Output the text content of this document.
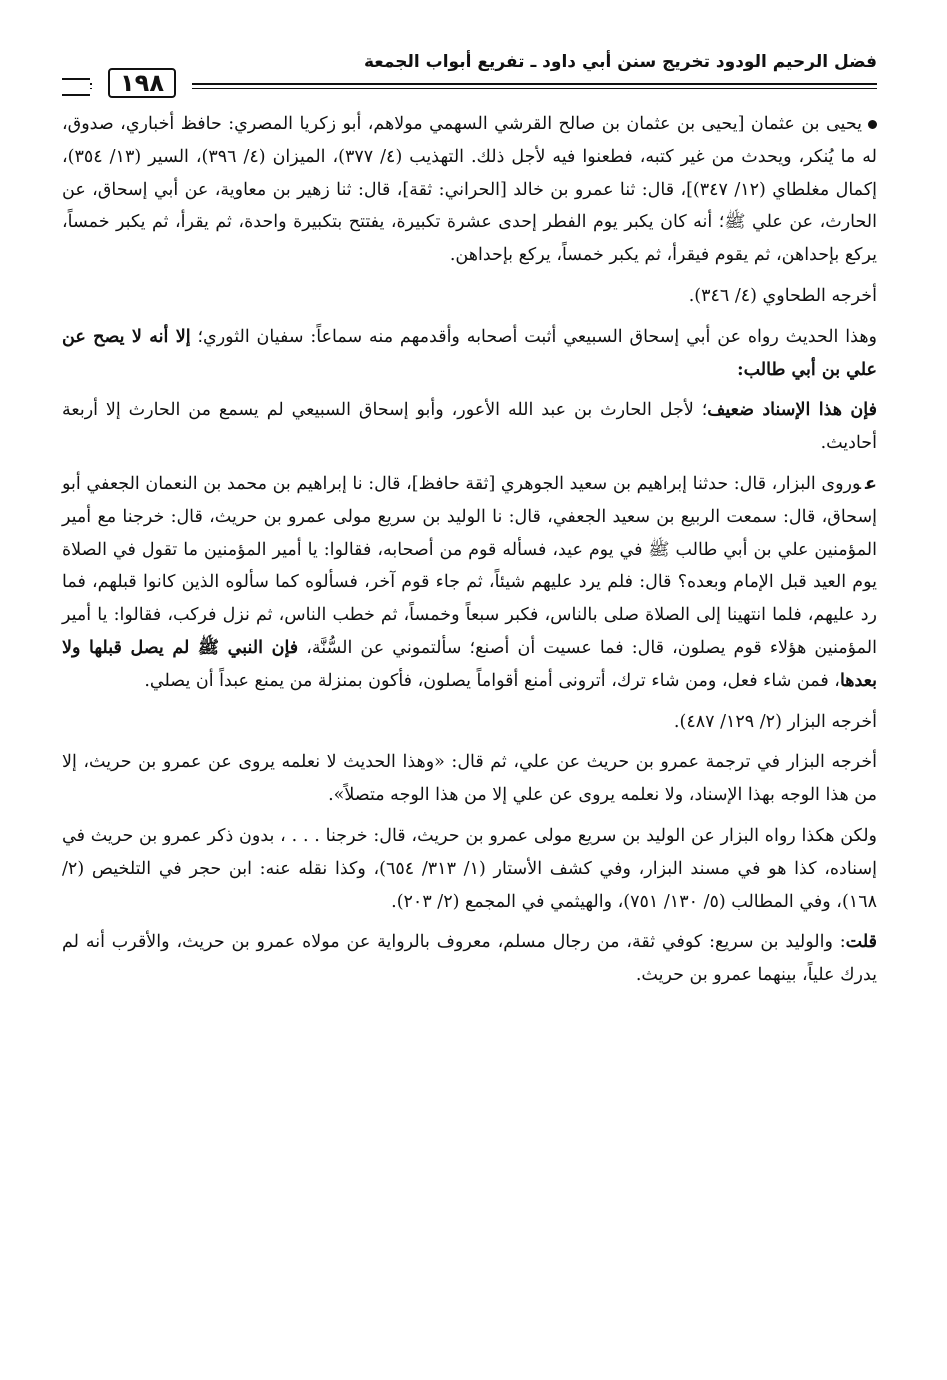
فضل الرحيم الودود تخريج سنن أبي داود ـ تفريع أبواب الجمعة
١٩٨

يحيى بن عثمان [يحيى بن عثمان بن صالح القرشي السهمي مولاهم، أبو زكريا المصري: حافظ أخباري، صدوق، له ما يُنكر، ويحدث من غير كتبه، فطعنوا فيه لأجل ذلك. التهذيب (٤/ ٣٧٧)، الميزان (٤/ ٣٩٦)، السير (١٣/ ٣٥٤)، إكمال مغلطاي (١٢/ ٣٤٧)]، قال: ثنا عمرو بن خالد [الحراني: ثقة]، قال: ثنا زهير بن معاوية، عن أبي إسحاق، عن الحارث، عن علي ﷺ؛ أنه كان يكبر يوم الفطر إحدى عشرة تكبيرة، يفتتح بتكبيرة واحدة، ثم يقرأ، ثم يكبر خمساً، يركع بإحداهن، ثم يقوم فيقرأ، ثم يكبر خمساً، يركع بإحداهن.

أخرجه الطحاوي (٤/ ٣٤٦).

وهذا الحديث رواه عن أبي إسحاق السبيعي أثبت أصحابه وأقدمهم منه سماعاً: سفيان الثوري؛ إلا أنه لا يصح عن علي بن أبي طالب:

فإن هذا الإسناد ضعيف؛ لأجل الحارث بن عبد الله الأعور، وأبو إسحاق السبيعي لم يسمع من الحارث إلا أربعة أحاديث.

عوروى البزار، قال: حدثنا إبراهيم بن سعيد الجوهري [ثقة حافظ]، قال: نا إبراهيم بن محمد بن النعمان الجعفي أبو إسحاق، قال: سمعت الربيع بن سعيد الجعفي، قال: نا الوليد بن سريع مولى عمرو بن حريث، قال: خرجنا مع أمير المؤمنين علي بن أبي طالب ﷺ في يوم عيد، فسأله قوم من أصحابه، فقالوا: يا أمير المؤمنين ما تقول في الصلاة يوم العيد قبل الإمام وبعده؟ قال: فلم يرد عليهم شيئاً، ثم جاء قوم آخر، فسألوه كما سألوه الذين كانوا قبلهم، فما رد عليهم، فلما انتهينا إلى الصلاة صلى بالناس، فكبر سبعاً وخمساً، ثم خطب الناس، ثم نزل فركب، فقالوا: يا أمير المؤمنين هؤلاء قوم يصلون، قال: فما عسيت أن أصنع؛ سألتموني عن السُّنَّة، فإن النبي ﷺ لم يصل قبلها ولا بعدها، فمن شاء فعل، ومن شاء ترك، أترونى أمنع أقواماً يصلون، فأكون بمنزلة من يمنع عبداً أن يصلي.

أخرجه البزار (٢/ ١٢٩/ ٤٨٧).

أخرجه البزار في ترجمة عمرو بن حريث عن علي، ثم قال: «وهذا الحديث لا نعلمه يروى عن عمرو بن حريث، إلا من هذا الوجه بهذا الإسناد، ولا نعلمه يروى عن علي إلا من هذا الوجه متصلاً».

ولكن هكذا رواه البزار عن الوليد بن سريع مولى عمرو بن حريث، قال: خرجنا . . . ، بدون ذكر عمرو بن حريث في إسناده، كذا هو في مسند البزار، وفي كشف الأستار (١/ ٣١٣/ ٦٥٤)، وكذا نقله عنه: ابن حجر في التلخيص (٢/ ١٦٨)، وفي المطالب (٥/ ١٣٠/ ٧٥١)، والهيثمي في المجمع (٢/ ٢٠٣).

قلت: والوليد بن سريع: كوفي ثقة، من رجال مسلم، معروف بالرواية عن مولاه عمرو بن حريث، والأقرب أنه لم يدرك علياً، بينهما عمرو بن حريث.
